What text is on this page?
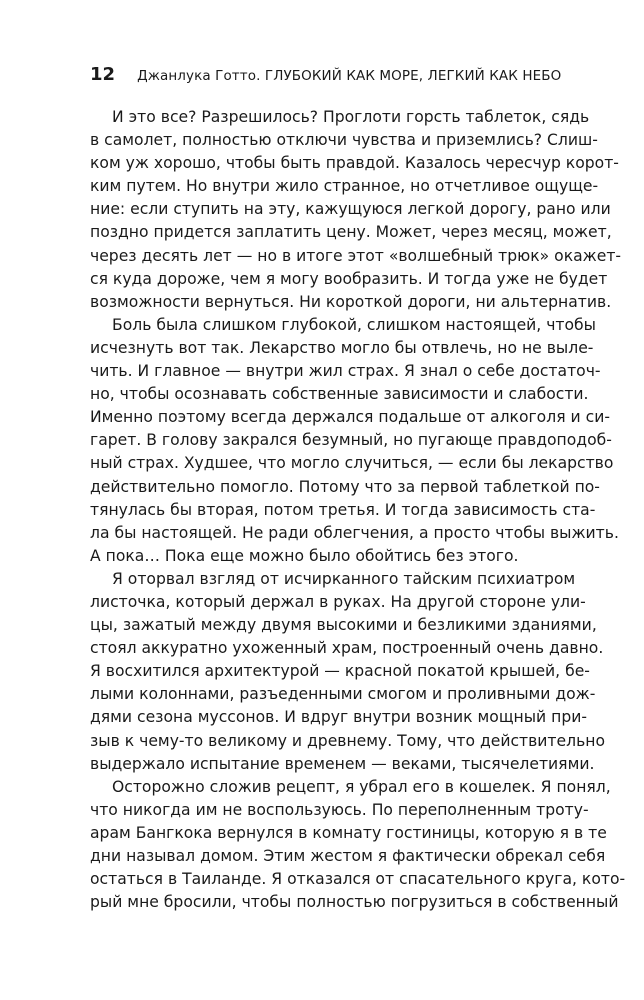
12 Джанлука Готто. ГЛУБОКИЙ КАК МОРЕ, ЛЕГКИЙ КАК НЕБО
И это все? Разрешилось? Проглоти горсть таблеток, сядь
в самолет, полностью отключи чувства и приземлись? Слиш-
ком уж хорошо, чтобы быть правдой. Казалось чересчур корот-
ким путем. Но внутри жило странное, но отчетливое ощуще-
ние: если ступить на эту, кажущуюся легкой дорогу, рано или
поздно придется заплатить цену. Может, через месяц, может,
через десять лет — но в итоге этот «волшебный трюк» окажет-
ся куда дороже, чем я могу вообразить. И тогда уже не будет
возможности вернуться. Ни короткой дороги, ни альтернатив.
Боль была слишком глубокой, слишком настоящей, чтобы
исчезнуть вот так. Лекарство могло бы отвлечь, но не выле-
чить. И главное — внутри жил страх. Я знал о себе достаточ-
но, чтобы осознавать собственные зависимости и слабости.
Именно поэтому всегда держался подальше от алкоголя и си-
гарет. В голову закрался безумный, но пугающе правдоподоб-
ный страх. Худшее, что могло случиться, — если бы лекарство
действительно помогло. Потому что за первой таблеткой по-
тянулась бы вторая, потом третья. И тогда зависимость ста-
ла бы настоящей. Не ради облегчения, а просто чтобы выжить.
А пока… Пока еще можно было обойтись без этого.
Я оторвал взгляд от исчирканного тайским психиатром
листочка, который держал в руках. На другой стороне ули-
цы, зажатый между двумя высокими и безликими зданиями,
стоял аккуратно ухоженный храм, построенный очень давно.
Я восхитился архитектурой — красной покатой крышей, бе-
лыми колоннами, разъеденными смогом и проливными дож-
дями сезона муссонов. И вдруг внутри возник мощный при-
зыв к чему-то великому и древнему. Тому, что действительно
выдержало испытание временем — веками, тысячелетиями.
Осторожно сложив рецепт, я убрал его в кошелек. Я понял,
что никогда им не воспользуюсь. По переполненным троту-
арам Бангкока вернулся в комнату гостиницы, которую я в те
дни называл домом. Этим жестом я фактически обрекал себя
остаться в Таиланде. Я отказался от спасательного круга, кото-
рый мне бросили, чтобы полностью погрузиться в собственный
